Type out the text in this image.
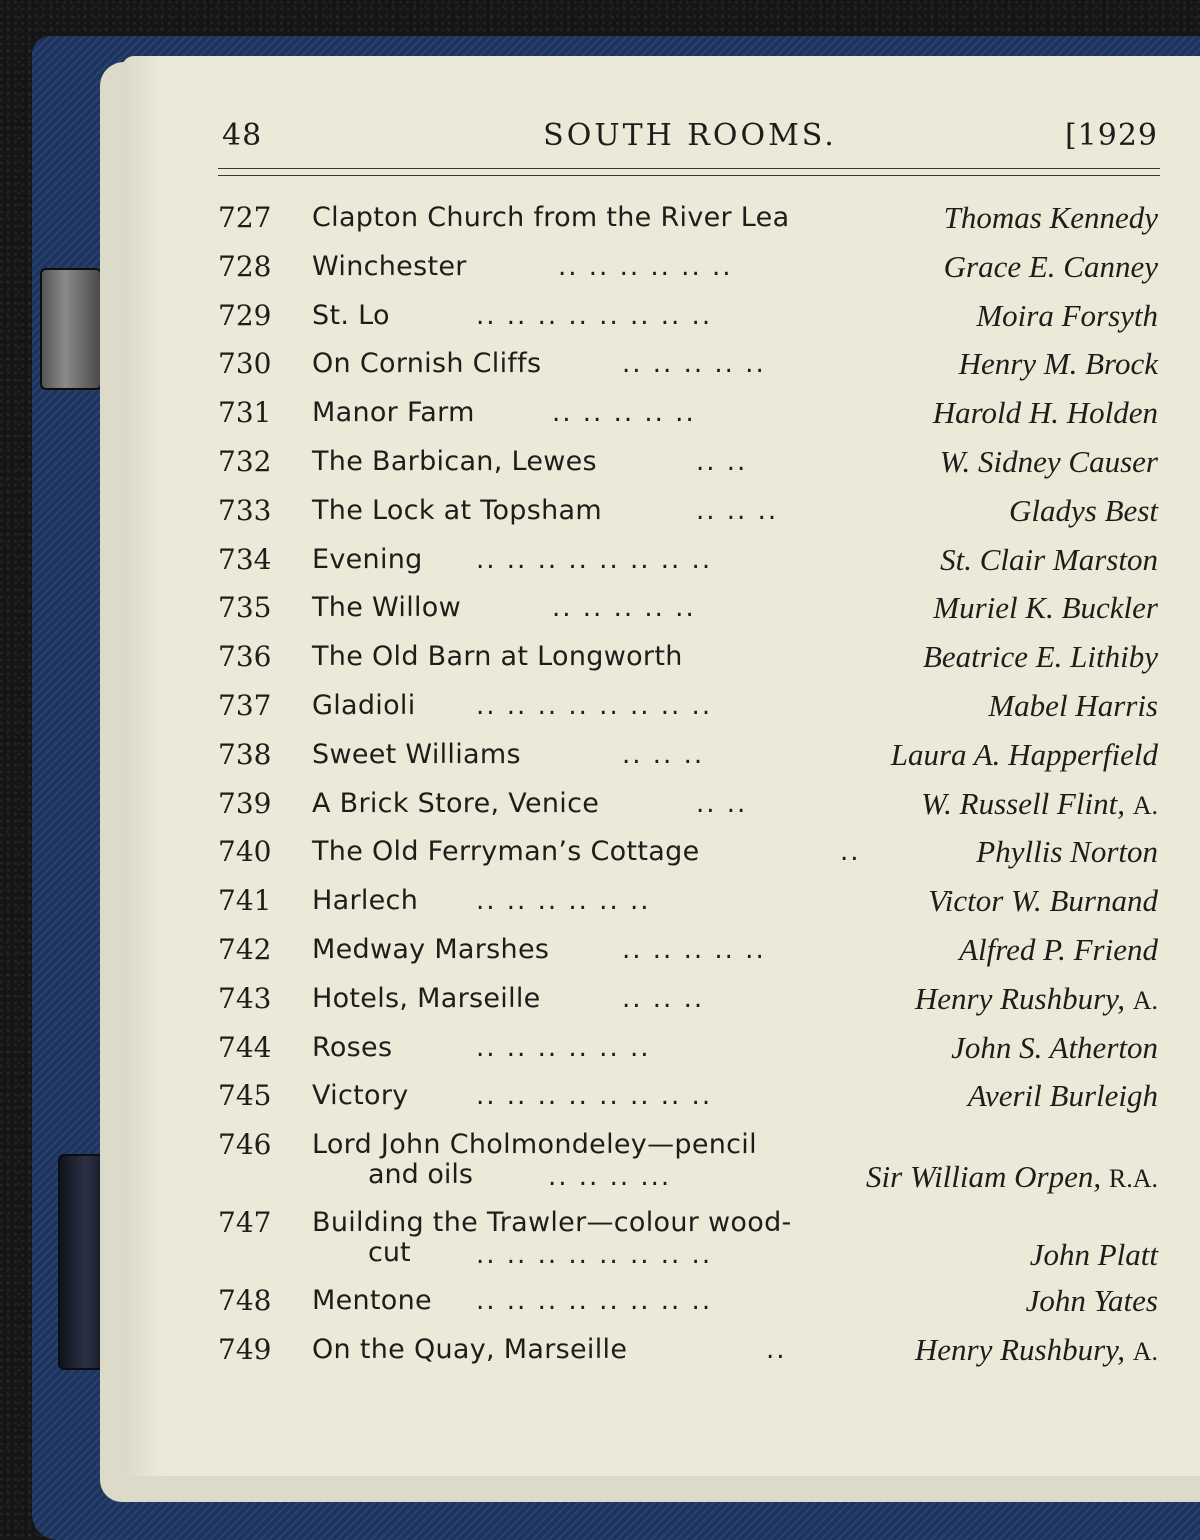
48	SOUTH ROOMS.	[1929
727	Clapton Church from the River Lea	Thomas Kennedy
728	Winchester	.. .. .. .. .. ..	Grace E. Canney
729	St. Lo	.. .. .. .. .. .. .. ..	Moira Forsyth
730	On Cornish Cliffs	.. .. .. .. ..	Henry M. Brock
731	Manor Farm	.. .. .. .. ..	Harold H. Holden
732	The Barbican, Lewes	.. ..	W. Sidney Causer
733	The Lock at Topsham	.. .. ..	Gladys Best
734	Evening .. .. .. .. .. .. .. ..	St. Clair Marston
735	The Willow	.. .. .. .. ..	Muriel K. Buckler
736	The Old Barn at Longworth	Beatrice E. Lithiby
737	Gladioli .. .. .. .. .. .. .. ..	Mabel Harris
738	Sweet Williams	.. .. ..	Laura A. Happerfield
739	A Brick Store, Venice	.. ..	W. Russell Flint, A.
740	The Old Ferryman’s Cottage	..	Phyllis Norton
741	Harlech .. .. .. .. .. ..	Victor W. Burnand
742	Medway Marshes	.. .. .. .. ..	Alfred P. Friend
743	Hotels, Marseille	.. .. ..	Henry Rushbury, A.
744	Roses	.. .. .. .. .. ..	John S. Atherton
745	Victory	.. .. .. .. .. .. .. ..	Averil Burleigh
746	Lord John Cholmondeley—pencil
and oils	.. .. .. ...	Sir William Orpen, R.A.
747	Building the Trawler—colour wood-
cut	.. .. .. .. .. .. .. ..	John Platt
748	Mentone .. .. .. .. .. .. .. ..	John Yates
749	On the Quay, Marseille	..	Henry Rushbury, A.
